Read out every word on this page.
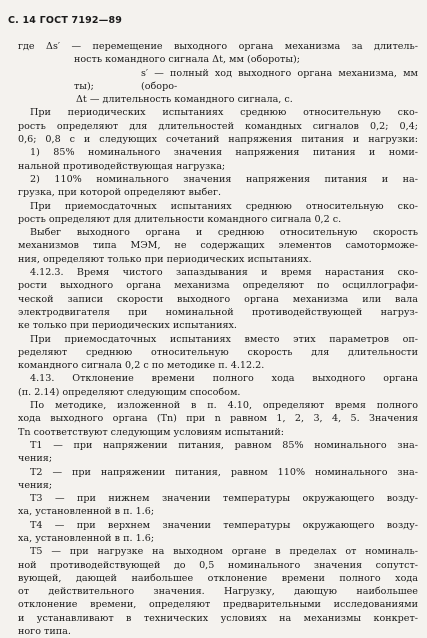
С. 14 ГОСТ 7192—89
где Δs′ — перемещение выходного органа механизма за длитель-
ность командного сигнала Δt, мм (обороты);
s′ — полный ход выходного органа механизма, мм (оборо-
ты);
Δt — длительность командного сигнала, с.
При периодических испытаниях среднюю относительную ско-
рость определяют для длительностей командных сигналов 0,2; 0,4;
0,6; 0,8 с и следующих сочетаний напряжения питания и нагрузки:
1) 85% номинального значения напряжения питания и номи-
нальной противодействующая нагрузка;
2) 110% номинального значения напряжения питания и на-
грузка, при которой определяют выбег.
При приемосдаточных испытаниях среднюю относительную ско-
рость определяют для длительности командного сигнала 0,2 с.
Выбег выходного органа и среднюю относительную скорость
механизмов типа МЭМ, не содержащих элементов самоторможе-
ния, определяют только при периодических испытаниях.
4.12.3. Время чистого запаздывания и время нарастания ско-
рости выходного органа механизма определяют по осциллографи-
ческой записи скорости выходного органа механизма или вала
электродвигателя при номинальной противодействующей нагруз-
ке только при периодических испытаниях.
При приемосдаточных испытаниях вместо этих параметров оп-
ределяют среднюю относительную скорость для длительности
командного сигнала 0,2 с по методике п. 4.12.2.
4.13. Отклонение времени полного хода выходного органа
(п. 2.14) определяют следующим способом.
По методике, изложенной в п. 4.10, определяют время полного
хода выходного органа (Tn) при n равном 1, 2, 3, 4, 5. Значения
Tn соответствуют следующим условиям испытаний:
T1 — при напряжении питания, равном 85% номинального зна-
чения;
T2 — при напряжении питания, равном 110% номинального зна-
чения;
T3 — при нижнем значении температуры окружающего возду-
ха, установленной в п. 1.6;
T4 — при верхнем значении температуры окружающего возду-
ха, установленной в п. 1.6;
T5 — при нагрузке на выходном органе в пределах от номиналь-
ной противодействующей до 0,5 номинального значения сопутст-
вующей, дающей наибольшее отклонение времени полного хода
от действительного значения. Нагрузку, дающую наибольшее
отклонение времени, определяют предварительными исследованиями
и устанавливают в технических условиях на механизмы конкрет-
ного типа.
